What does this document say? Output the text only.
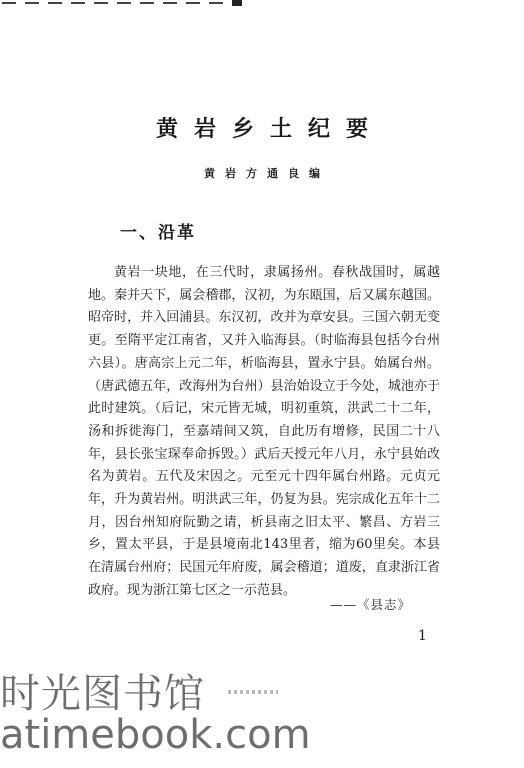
黄岩乡土纪要
黄岩方通良编
一、沿革

黄岩一块地，在三代时，隶属扬州。春秋战国时，属越地。秦并天下，属会稽郡，汉初，为东瓯国，后又属东越国。昭帝时，并入回浦县。东汉初，改并为章安县。三国六朝无变更。至隋平定江南省，又并入临海县。（时临海县包括今台州六县）。唐高宗上元二年，析临海县，置永宁县。始属台州。（唐武德五年，改海州为台州）县治始设立于今处，城池亦于此时建筑。（后记，宋元皆无城，明初重筑，洪武二十二年，汤和拆徙海门，至嘉靖间又筑，自此历有增修，民国二十八年，县长张宝琛奉命拆毁。）武后天授元年八月，永宁县始改名为黄岩。五代及宋因之。元至元十四年属台州路。元贞元年，升为黄岩州。明洪武三年，仍复为县。宪宗成化五年十二月，因台州知府阮勤之请，析县南之旧太平、繁昌、方岩三乡，置太平县，于是县境南北143里者，缩为60里矣。本县在清属台州府；民国元年府废，属会稽道；道废，直隶浙江省政府。现为浙江第七区之一示范县。

——《县志》
1
时光图书馆
atimebook.com
